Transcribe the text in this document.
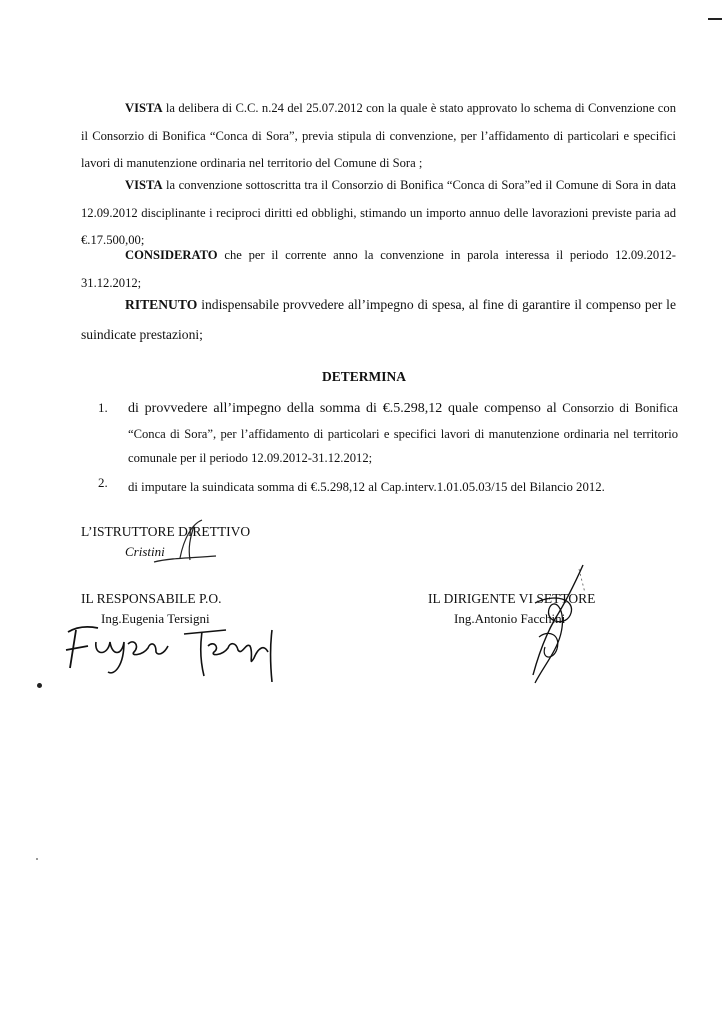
VISTA la delibera di C.C. n.24 del 25.07.2012 con la quale è stato approvato lo schema di Convenzione con il Consorzio di Bonifica “Conca di Sora”, previa stipula di convenzione, per l’affidamento di particolari e specifici lavori di manutenzione ordinaria nel territorio del Comune di Sora ;
VISTA la convenzione sottoscritta tra il Consorzio di Bonifica “Conca di Sora”ed il Comune di Sora in data 12.09.2012 disciplinante i reciproci diritti ed obblighi, stimando un importo annuo delle lavorazioni previste paria ad €.17.500,00;
CONSIDERATO che per il corrente anno la convenzione in parola interessa il periodo 12.09.2012-31.12.2012;
RITENUTO indispensabile provvedere all’impegno di spesa, al fine di garantire il compenso per le suindicate prestazioni;
DETERMINA
1.	di provvedere all’impegno della somma di €.5.298,12 quale compenso al Consorzio di Bonifica “Conca di Sora”, per l’affidamento di particolari e specifici lavori di manutenzione ordinaria nel territorio comunale per il periodo 12.09.2012-31.12.2012;
2.	di imputare la suindicata somma di €.5.298,12 al Cap.interv.1.01.05.03/15 del Bilancio 2012.
L’ISTRUTTORE DIRETTIVO
Cristini
IL RESPONSABILE P.O.
Ing.Eugenia Tersigni
IL DIRIGENTE VI SETTORE
Ing.Antonio Facchini
